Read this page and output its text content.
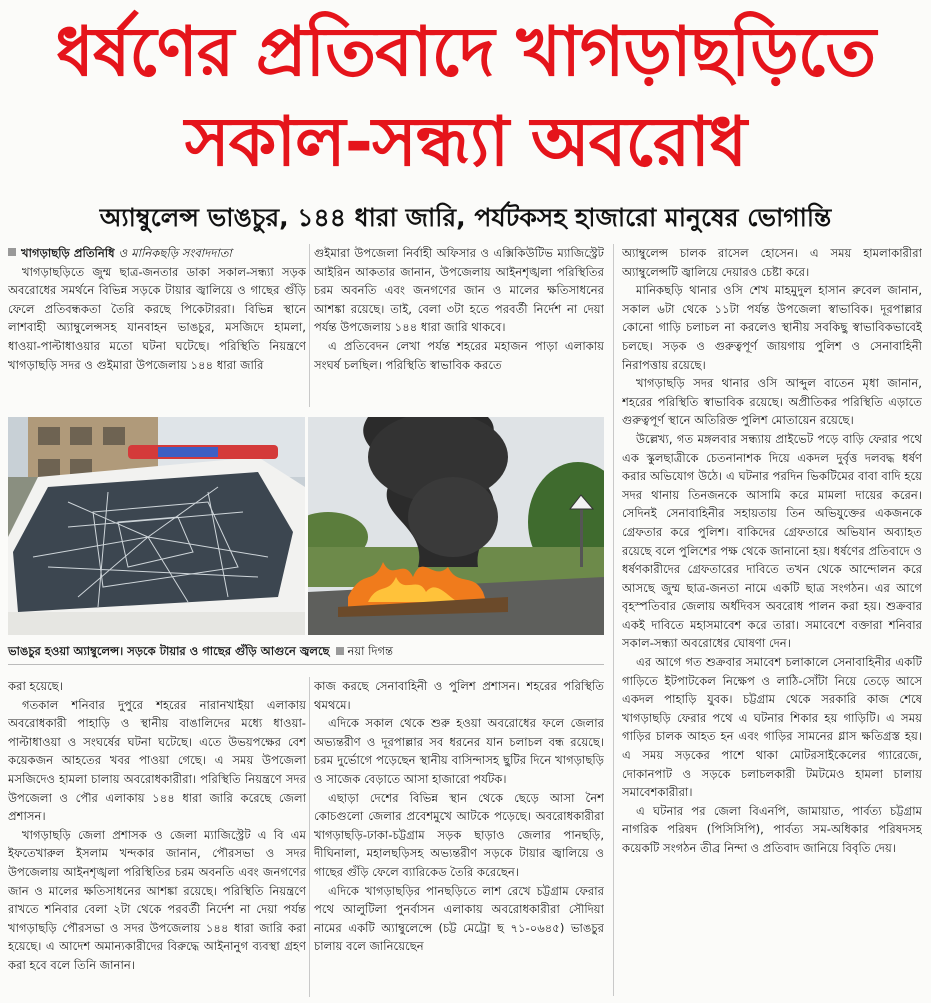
ধর্ষণের প্রতিবাদে খাগড়াছড়িতে
সকাল-সন্ধ্যা অবরোধ
অ্যাম্বুলেন্স ভাঙচুর, ১৪৪ ধারা জারি, পর্যটকসহ হাজারো মানুষের ভোগান্তি

খাগড়াছড়ি প্রতিনিধি ও মানিকছড়ি সংবাদদাতা

খাগড়াছড়িতে জুম্ম ছাত্র-জনতার ডাকা সকাল-সন্ধ্যা সড়ক অবরোধের সমর্থনে বিভিন্ন সড়কে টায়ার জ্বালিয়ে ও গাছের গুঁড়ি ফেলে প্রতিবন্ধকতা তৈরি করছে পিকেটাররা। বিভিন্ন স্থানে লাশবাহী অ্যাম্বুলেন্সসহ যানবাহন ভাঙচুর, মসজিদে হামলা, ধাওয়া-পাল্টাধাওয়ার মতো ঘটনা ঘটেছে। পরিস্থিতি নিয়ন্ত্রণে খাগড়াছড়ি সদর ও গুইমারা উপজেলায় ১৪৪ ধারা জারি

গুইমারা উপজেলা নির্বাহী অফিসার ও এক্সিকিউটিভ ম্যাজিস্ট্রেট আইরিন আকতার জানান, উপজেলায় আইনশৃঙ্খলা পরিস্থিতির চরম অবনতি এবং জনগণের জান ও মালের ক্ষতিসাধনের আশঙ্কা রয়েছে। তাই, বেলা ৩টা হতে পরবর্তী নির্দেশ না দেয়া পর্যন্ত উপজেলায় ১৪৪ ধারা জারি থাকবে।

এ প্রতিবেদন লেখা পর্যন্ত শহরের মহাজন পাড়া এলাকায় সংঘর্ষ চলছিল। পরিস্থিতি স্বাভাবিক করতে

অ্যাম্বুলেন্স চালক রাসেল হোসেন। এ সময় হামলাকারীরা অ্যাম্বুলেন্সটি জ্বালিয়ে দেয়ারও চেষ্টা করে।

মানিকছড়ি থানার ওসি শেখ মাহমুদুল হাসান রুবেল জানান, সকাল ৬টা থেকে ১১টা পর্যন্ত উপজেলা স্বাভাবিক। দূরপাল্লার কোনো গাড়ি চলাচল না করলেও স্থানীয় সবকিছু স্বাভাবিকভাবেই চলছে। সড়ক ও গুরুত্বপূর্ণ জায়গায় পুলিশ ও সেনাবাহিনী নিরাপত্তায় রয়েছে।

খাগড়াছড়ি সদর থানার ওসি আব্দুল বাতেন মৃধা জানান, শহরের পরিস্থিতি স্বাভাবিক রয়েছে। অপ্রীতিকর পরিস্থিতি এড়াতে গুরুত্বপূর্ণ স্থানে অতিরিক্ত পুলিশ মোতায়েন রয়েছে।

উল্লেখ্য, গত মঙ্গলবার সন্ধ্যায় প্রাইভেট পড়ে বাড়ি ফেরার পথে এক স্কুলছাত্রীকে চেতনানাশক দিয়ে একদল দুর্বৃত্ত দলবদ্ধ ধর্ষণ করার অভিযোগ উঠে। এ ঘটনার পরদিন ভিকটিমের বাবা বাদি হয়ে সদর থানায় তিনজনকে আসামি করে মামলা দায়ের করেন। সেদিনই সেনাবাহিনীর সহায়তায় তিন অভিযুক্তের একজনকে গ্রেফতার করে পুলিশ। বাকিদের গ্রেফতারে অভিযান অব্যাহত রয়েছে বলে পুলিশের পক্ষ থেকে জানানো হয়। ধর্ষণের প্রতিবাদে ও ধর্ষণকারীদের গ্রেফতারের দাবিতে তখন থেকে আন্দোলন করে আসছে জুম্ম ছাত্র-জনতা নামে একটি ছাত্র সংগঠন। এর আগে বৃহস্পতিবার জেলায় অর্ধদিবস অবরোধ পালন করা হয়। শুক্রবার একই দাবিতে মহাসমাবেশ করে তারা। সমাবেশে বক্তারা শনিবার সকাল-সন্ধ্যা অবরোধের ঘোষণা দেন।

এর আগে গত শুক্রবার সমাবেশ চলাকালে সেনাবাহিনীর একটি গাড়িতে ইটপাটকেল নিক্ষেপ ও লাঠি-সোঁটা নিয়ে তেড়ে আসে একদল পাহাড়ি যুবক। চট্টগ্রাম থেকে সরকারি কাজ শেষে খাগড়াছড়ি ফেরার পথে এ ঘটনার শিকার হয় গাড়িটি। এ সময় গাড়ির চালক আহত হন এবং গাড়ির সামনের গ্লাস ক্ষতিগ্রস্ত হয়। এ সময় সড়কের পাশে থাকা মোটরসাইকেলের গ্যারেজে, দোকানপাট ও সড়কে চলাচলকারী টমটমেও হামলা চালায় সমাবেশকারীরা।

এ ঘটনার পর জেলা বিএনপি, জামায়াত, পার্বত্য চট্টগ্রাম নাগরিক পরিষদ (পিসিসিপি), পার্বত্য সম-অধিকার পরিষদসহ কয়েকটি সংগঠন তীব্র নিন্দা ও প্রতিবাদ জানিয়ে বিবৃতি দেয়।

ভাঙচুর হওয়া অ্যাম্বুলেন্স। সড়কে টায়ার ও গাছের গুঁড়ি আগুনে জ্বলছে নয়া দিগন্ত

করা হয়েছে।

গতকাল শনিবার দুপুরে শহরের নারানখাইয়া এলাকায় অবরোধকারী পাহাড়ি ও স্থানীয় বাঙালিদের মধ্যে ধাওয়া-পাল্টাধাওয়া ও সংঘর্ষের ঘটনা ঘটেছে। এতে উভয়পক্ষের বেশ কয়েকজন আহতের খবর পাওয়া গেছে। এ সময় উপজেলা মসজিদেও হামলা চালায় অবরোধকারীরা। পরিস্থিতি নিয়ন্ত্রণে সদর উপজেলা ও পৌর এলাকায় ১৪৪ ধারা জারি করেছে জেলা প্রশাসন।

খাগড়াছড়ি জেলা প্রশাসক ও জেলা ম্যাজিস্ট্রেট এ বি এম ইফতেখারুল ইসলাম খন্দকার জানান, পৌরসভা ও সদর উপজেলায় আইনশৃঙ্খলা পরিস্থিতির চরম অবনতি এবং জনগণের জান ও মালের ক্ষতিসাধনের আশঙ্কা রয়েছে। পরিস্থিতি নিয়ন্ত্রণে রাখতে শনিবার বেলা ২টা থেকে পরবর্তী নির্দেশ না দেয়া পর্যন্ত খাগড়াছড়ি পৌরসভা ও সদর উপজেলায় ১৪৪ ধারা জারি করা হয়েছে। এ আদেশ অমান্যকারীদের বিরুদ্ধে আইনানুগ ব্যবস্থা গ্রহণ করা হবে বলে তিনি জানান।

কাজ করছে সেনাবাহিনী ও পুলিশ প্রশাসন। শহরের পরিস্থিতি থমথমে।

এদিকে সকাল থেকে শুরু হওয়া অবরোধের ফলে জেলার অভ্যন্তরীণ ও দূরপাল্লার সব ধরনের যান চলাচল বন্ধ রয়েছে। চরম দুর্ভোগে পড়েছেন স্থানীয় বাসিন্দাসহ ছুটির দিনে খাগড়াছড়ি ও সাজেক বেড়াতে আসা হাজারো পর্যটক।

এছাড়া দেশের বিভিন্ন স্থান থেকে ছেড়ে আসা নৈশ কোচগুলো জেলার প্রবেশমুখে আটকে পড়েছে। অবরোধকারীরা খাগড়াছড়ি-ঢাকা-চট্টগ্রাম সড়ক ছাড়াও জেলার পানছড়ি, দীঘিনালা, মহালছড়িসহ অভ্যন্তরীণ সড়কে টায়ার জ্বালিয়ে ও গাছের গুঁড়ি ফেলে ব্যারিকেড তৈরি করেছেন।

এদিকে খাগড়াছড়ির পানছড়িতে লাশ রেখে চট্টগ্রাম ফেরার পথে আলুটিলা পুনর্বাসন এলাকায় অবরোধকারীরা সৌদিয়া নামের একটি অ্যাম্বুলেন্সে (চট্ট মেট্রো ছ ৭১-০৬৪৫) ভাঙচুর চালায় বলে জানিয়েছেন
